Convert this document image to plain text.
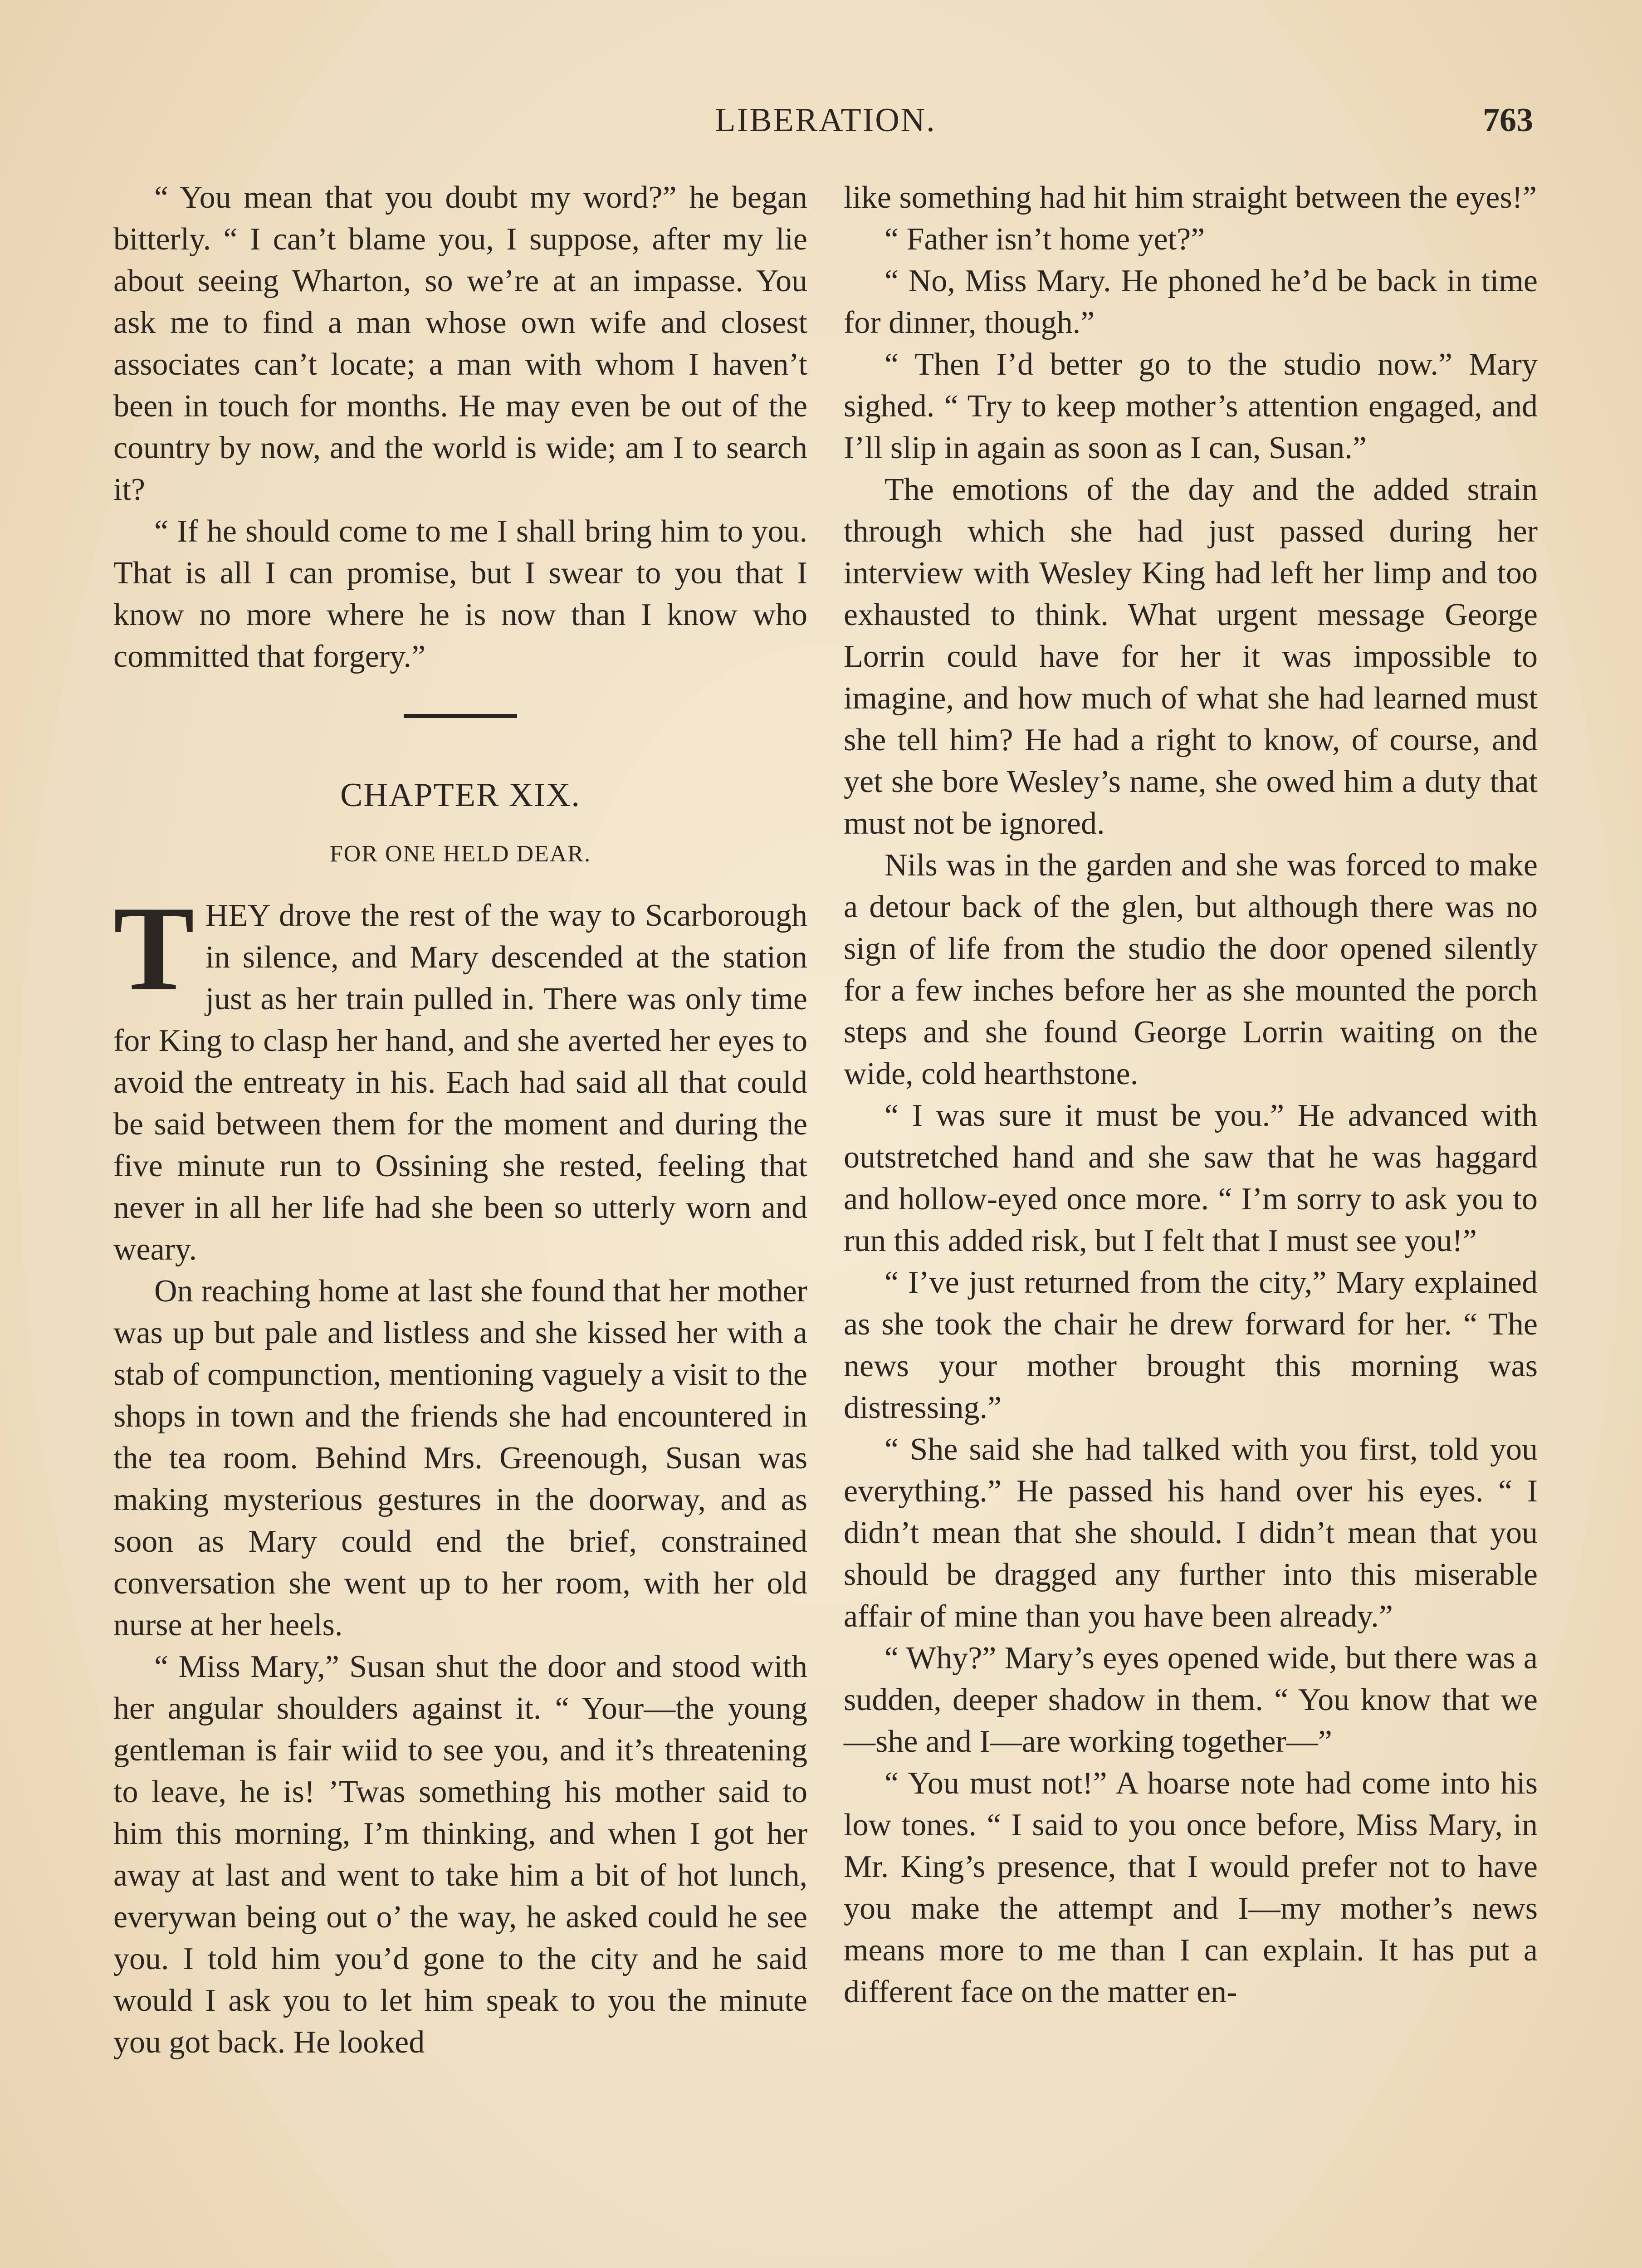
LIBERATION.	763

“ You mean that you doubt my word?” he began bitterly. “ I can’t blame you, I suppose, after my lie about seeing Wharton, so we’re at an impasse. You ask me to find a man whose own wife and closest associates can’t locate; a man with whom I haven’t been in touch for months. He may even be out of the country by now, and the world is wide; am I to search it?

“ If he should come to me I shall bring him to you. That is all I can promise, but I swear to you that I know no more where he is now than I know who committed that forgery.”

CHAPTER XIX.
FOR ONE HELD DEAR.

THEY drove the rest of the way to Scarborough in silence, and Mary descended at the station just as her train pulled in. There was only time for King to clasp her hand, and she averted her eyes to avoid the entreaty in his. Each had said all that could be said between them for the moment and during the five minute run to Ossining she rested, feeling that never in all her life had she been so utterly worn and weary.

On reaching home at last she found that her mother was up but pale and listless and she kissed her with a stab of compunction, mentioning vaguely a visit to the shops in town and the friends she had encountered in the tea room. Behind Mrs. Greenough, Susan was making mysterious gestures in the doorway, and as soon as Mary could end the brief, constrained conversation she went up to her room, with her old nurse at her heels.

“ Miss Mary,” Susan shut the door and stood with her angular shoulders against it. “ Your—the young gentleman is fair wiid to see you, and it’s threatening to leave, he is! ’Twas something his mother said to him this morning, I’m thinking, and when I got her away at last and went to take him a bit of hot lunch, everywan being out o’ the way, he asked could he see you. I told him you’d gone to the city and he said would I ask you to let him speak to you the minute you got back. He looked

like something had hit him straight between the eyes!”

“ Father isn’t home yet?”

“ No, Miss Mary. He phoned he’d be back in time for dinner, though.”

“ Then I’d better go to the studio now.” Mary sighed. “ Try to keep mother’s attention engaged, and I’ll slip in again as soon as I can, Susan.”

The emotions of the day and the added strain through which she had just passed during her interview with Wesley King had left her limp and too exhausted to think. What urgent message George Lorrin could have for her it was impossible to imagine, and how much of what she had learned must she tell him? He had a right to know, of course, and yet she bore Wesley’s name, she owed him a duty that must not be ignored.

Nils was in the garden and she was forced to make a detour back of the glen, but although there was no sign of life from the studio the door opened silently for a few inches before her as she mounted the porch steps and she found George Lorrin waiting on the wide, cold hearthstone.

“ I was sure it must be you.” He advanced with outstretched hand and she saw that he was haggard and hollow-eyed once more. “ I’m sorry to ask you to run this added risk, but I felt that I must see you!”

“ I’ve just returned from the city,” Mary explained as she took the chair he drew forward for her. “ The news your mother brought this morning was distressing.”

“ She said she had talked with you first, told you everything.” He passed his hand over his eyes. “ I didn’t mean that she should. I didn’t mean that you should be dragged any further into this miserable affair of mine than you have been already.”

“ Why?” Mary’s eyes opened wide, but there was a sudden, deeper shadow in them. “ You know that we—she and I—are working together—”

“ You must not!” A hoarse note had come into his low tones. “ I said to you once before, Miss Mary, in Mr. King’s presence, that I would prefer not to have you make the attempt and I—my mother’s news means more to me than I can explain. It has put a different face on the matter en-
